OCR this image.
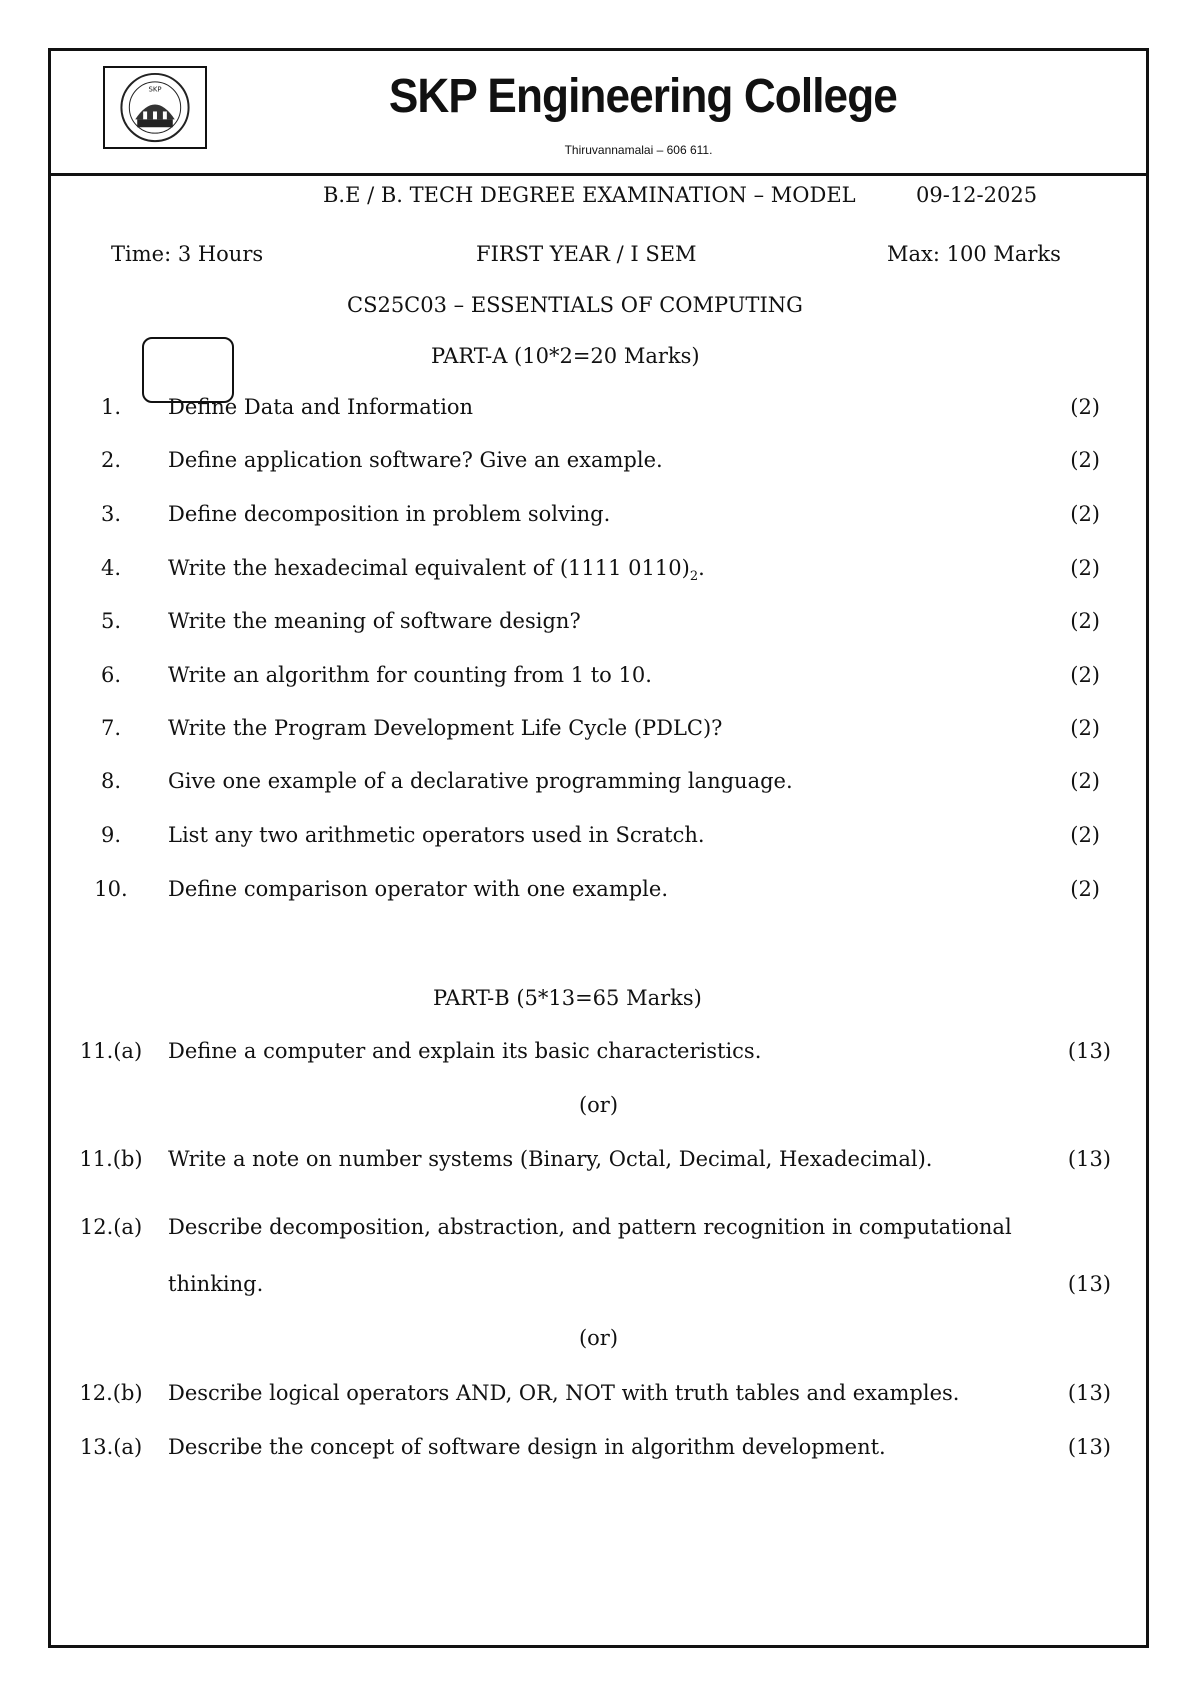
SKP	SKP Engineering College
Thiruvannamalai – 606 611.
B.E / B. TECH DEGREE EXAMINATION – MODEL	09-12-2025
Time: 3 Hours	FIRST YEAR / I SEM	Max: 100 Marks
CS25C03 – ESSENTIALS OF COMPUTING
PART-A (10*2=20 Marks)
1.	Define Data and Information	(2)
2.	Define application software? Give an example.	(2)
3.	Define decomposition in problem solving.	(2)
4.	Write the hexadecimal equivalent of (1111 $0110)_2$.	(2)
5.	Write the meaning of software design?	(2)
6.	Write an algorithm for counting from 1 to 10.	(2)
7.	Write the Program Development Life Cycle (PDLC)?	(2)
8.	Give one example of a declarative programming language.	(2)
9.	List any two arithmetic operators used in Scratch.	(2)
10.	Define comparison operator with one example.	(2)
PART-B (5*13=65 Marks)
11.(a)	Define a computer and explain its basic characteristics.	(13)
(or)
11.(b)	Write a note on number systems (Binary, Octal, Decimal, Hexadecimal).	(13)
12.(a)	Describe decomposition, abstraction, and pattern recognition in computational
thinking.	(13)
(or)
12.(b)	Describe logical operators AND, OR, NOT with truth tables and examples.	(13)
13.(a)	Describe the concept of software design in algorithm development.	(13)
